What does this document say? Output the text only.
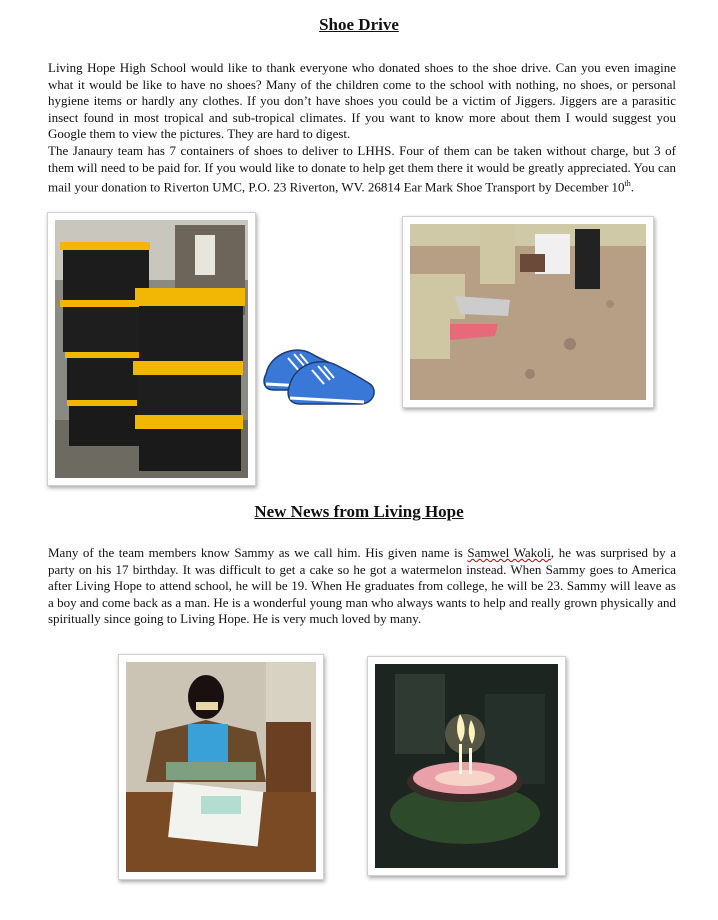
Shoe Drive

Living Hope High School would like to thank everyone who donated shoes to the shoe drive. Can you even imagine what it would be like to have no shoes? Many of the children come to the school with nothing, no shoes, or personal hygiene items or hardly any clothes. If you don’t have shoes you could be a victim of Jiggers. Jiggers are a parasitic insect found in most tropical and sub-tropical climates. If you want to know more about them I would suggest you Google them to view the pictures. They are hard to digest.

The Janaury team has 7 containers of shoes to deliver to LHHS. Four of them can be taken without charge, but 3 of them will need to be paid for. If you would like to donate to help get them there it would be greatly appreciated. You can mail your donation to Riverton UMC, P.O. 23 Riverton, WV. 26814 Ear Mark Shoe Transport by December 10th.

New News from Living Hope

Many of the team members know Sammy as we call him. His given name is Samwel Wakoli, he was surprised by a party on his 17 birthday. It was difficult to get a cake so he got a watermelon instead. When Sammy goes to America after Living Hope to attend school, he will be 19. When He graduates from college, he will be 23. Sammy will leave as a boy and come back as a man. He is a wonderful young man who always wants to help and really grown physically and spiritually since going to Living Hope. He is very much loved by many.
